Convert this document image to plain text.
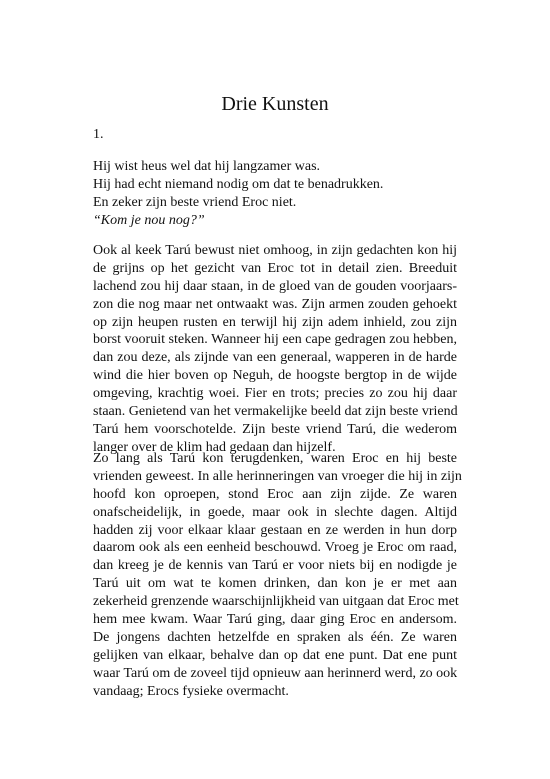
Drie Kunsten
1.
Hij wist heus wel dat hij langzamer was.
Hij had echt niemand nodig om dat te benadrukken.
En zeker zijn beste vriend Eroc niet.
“Kom je nou nog?”
Ook al keek Tarú bewust niet omhoog, in zijn gedachten kon hij
de grijns op het gezicht van Eroc tot in detail zien. Breeduit
lachend zou hij daar staan, in de gloed van de gouden voorjaars-
zon die nog maar net ontwaakt was. Zijn armen zouden gehoekt
op zijn heupen rusten en terwijl hij zijn adem inhield, zou zijn
borst vooruit steken. Wanneer hij een cape gedragen zou hebben,
dan zou deze, als zijnde van een generaal, wapperen in de harde
wind die hier boven op Neguh, de hoogste bergtop in de wijde
omgeving, krachtig woei. Fier en trots; precies zo zou hij daar
staan. Genietend van het vermakelijke beeld dat zijn beste vriend
Tarú hem voorschotelde. Zijn beste vriend Tarú, die wederom
langer over de klim had gedaan dan hijzelf.
Zo lang als Tarú kon terugdenken, waren Eroc en hij beste
vrienden geweest. In alle herinneringen van vroeger die hij in zijn
hoofd kon oproepen, stond Eroc aan zijn zijde. Ze waren
onafscheidelijk, in goede, maar ook in slechte dagen. Altijd
hadden zij voor elkaar klaar gestaan en ze werden in hun dorp
daarom ook als een eenheid beschouwd. Vroeg je Eroc om raad,
dan kreeg je de kennis van Tarú er voor niets bij en nodigde je
Tarú uit om wat te komen drinken, dan kon je er met aan
zekerheid grenzende waarschijnlijkheid van uitgaan dat Eroc met
hem mee kwam. Waar Tarú ging, daar ging Eroc en andersom.
De jongens dachten hetzelfde en spraken als één. Ze waren
gelijken van elkaar, behalve dan op dat ene punt. Dat ene punt
waar Tarú om de zoveel tijd opnieuw aan herinnerd werd, zo ook
vandaag; Erocs fysieke overmacht.
